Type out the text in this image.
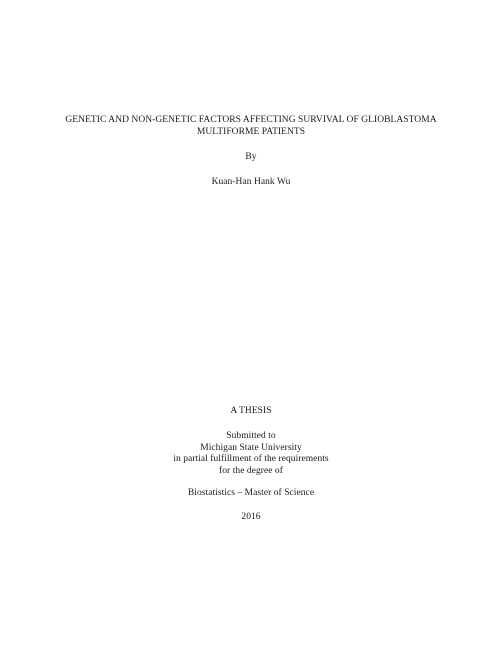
GENETIC AND NON-GENETIC FACTORS AFFECTING SURVIVAL OF GLIOBLASTOMA
MULTIFORME PATIENTS
By
Kuan-Han Hank Wu
A THESIS
Submitted to
Michigan State University
in partial fulfillment of the requirements
for the degree of
Biostatistics – Master of Science
2016
